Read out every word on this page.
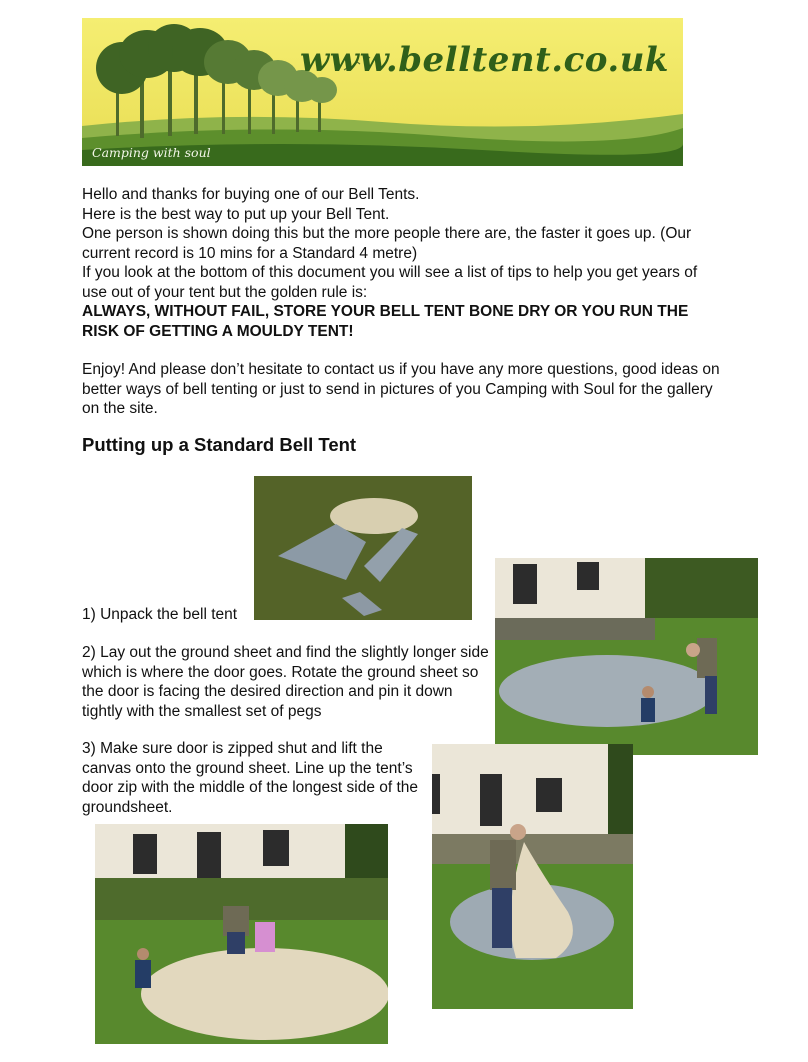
www.belltent.co.uk
Camping with soul

Hello and thanks for buying one of our Bell Tents.

Here is the best way to put up your Bell Tent.

One person is shown doing this but the more people there are, the faster it goes up. (Our current record is 10 mins for a Standard 4 metre)

If you look at the bottom of this document you will see a list of tips to help you get years of use out of your tent but the golden rule is:

ALWAYS, WITHOUT FAIL, STORE YOUR BELL TENT BONE DRY OR YOU RUN THE RISK OF GETTING A MOULDY TENT!

Enjoy! And please don’t hesitate to contact us if you have any more questions, good ideas on better ways of bell tenting or just to send in pictures of you Camping with Soul for the gallery on the site.

Putting up a Standard Bell Tent

1) Unpack the bell tent

2) Lay out the ground sheet and find the slightly longer side which is where the door goes. Rotate the ground sheet so the door is facing the desired direction and pin it down tightly with the smallest set of pegs

3) Make sure door is zipped shut and lift the canvas onto the ground sheet. Line up the tent’s door zip with the middle of the longest side of the groundsheet.
